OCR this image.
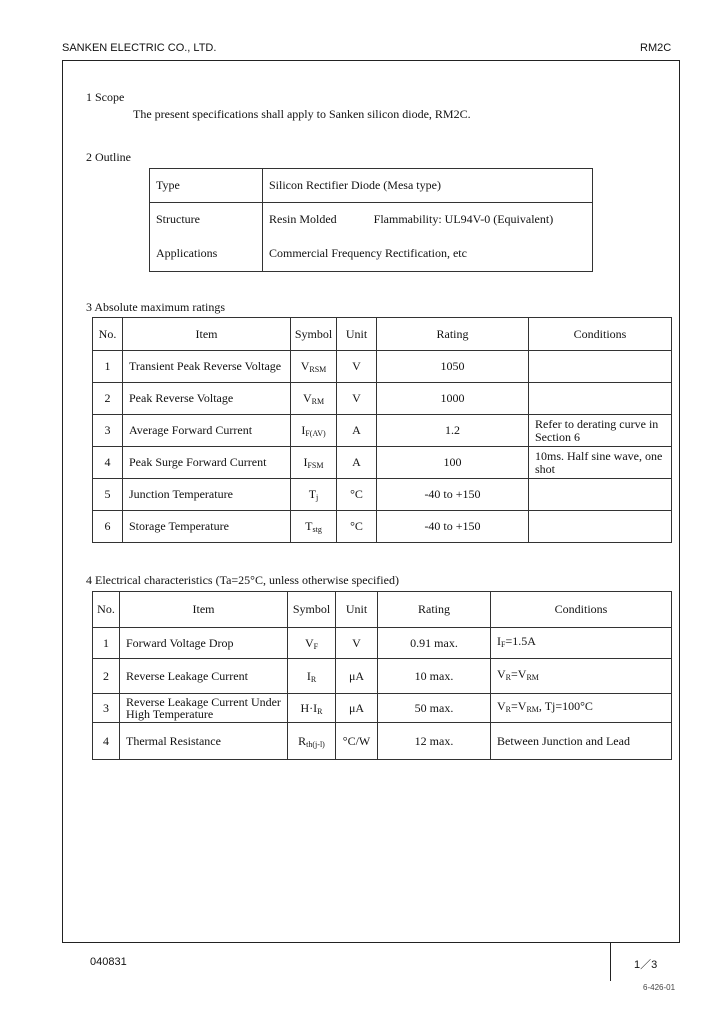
SANKEN ELECTRIC CO., LTD.	RM2C
1 Scope
The present specifications shall apply to Sanken silicon diode, RM2C.
2 Outline
Type	Silicon Rectifier Diode (Mesa type)
Structure	Resin Molded Flammability: UL94V-0 (Equivalent)
Applications	Commercial Frequency Rectification, etc
3 Absolute maximum ratings
No.	Item	Symbol	Unit	Rating	Conditions
1	Transient Peak Reverse Voltage	$V_{RSM}$	V	1050	
2	Peak Reverse Voltage	$V_{RM}$	V	1000	
3	Average Forward Current	$I_{F(AV)}$	A	1.2	Refer to derating curve in Section 6
4	Peak Surge Forward Current	$I_{FSM}$	A	100	10ms. Half sine wave, one shot
5	Junction Temperature	$T_j$	°C	-40 to +150	
6	Storage Temperature	$T_{stg}$	°C	-40 to +150	
4 Electrical characteristics (Ta=25°C, unless otherwise specified)
No.	Item	Symbol	Unit	Rating	Conditions
1	Forward Voltage Drop	$V_F$	V	0.91 max.	$I_F=1.5A$
2	Reverse Leakage Current	$I_R$	μA	10 max.	$V_R=V_{RM}$
3	Reverse Leakage Current Under High Temperature	$H\cdot I_R$	μA	50 max.	$V_R=V_{RM}$, Tj=100°C
4	Thermal Resistance	$R_{th(j-l)}$	°C/W	12 max.	Between Junction and Lead
040831	1／3
6-426-01
